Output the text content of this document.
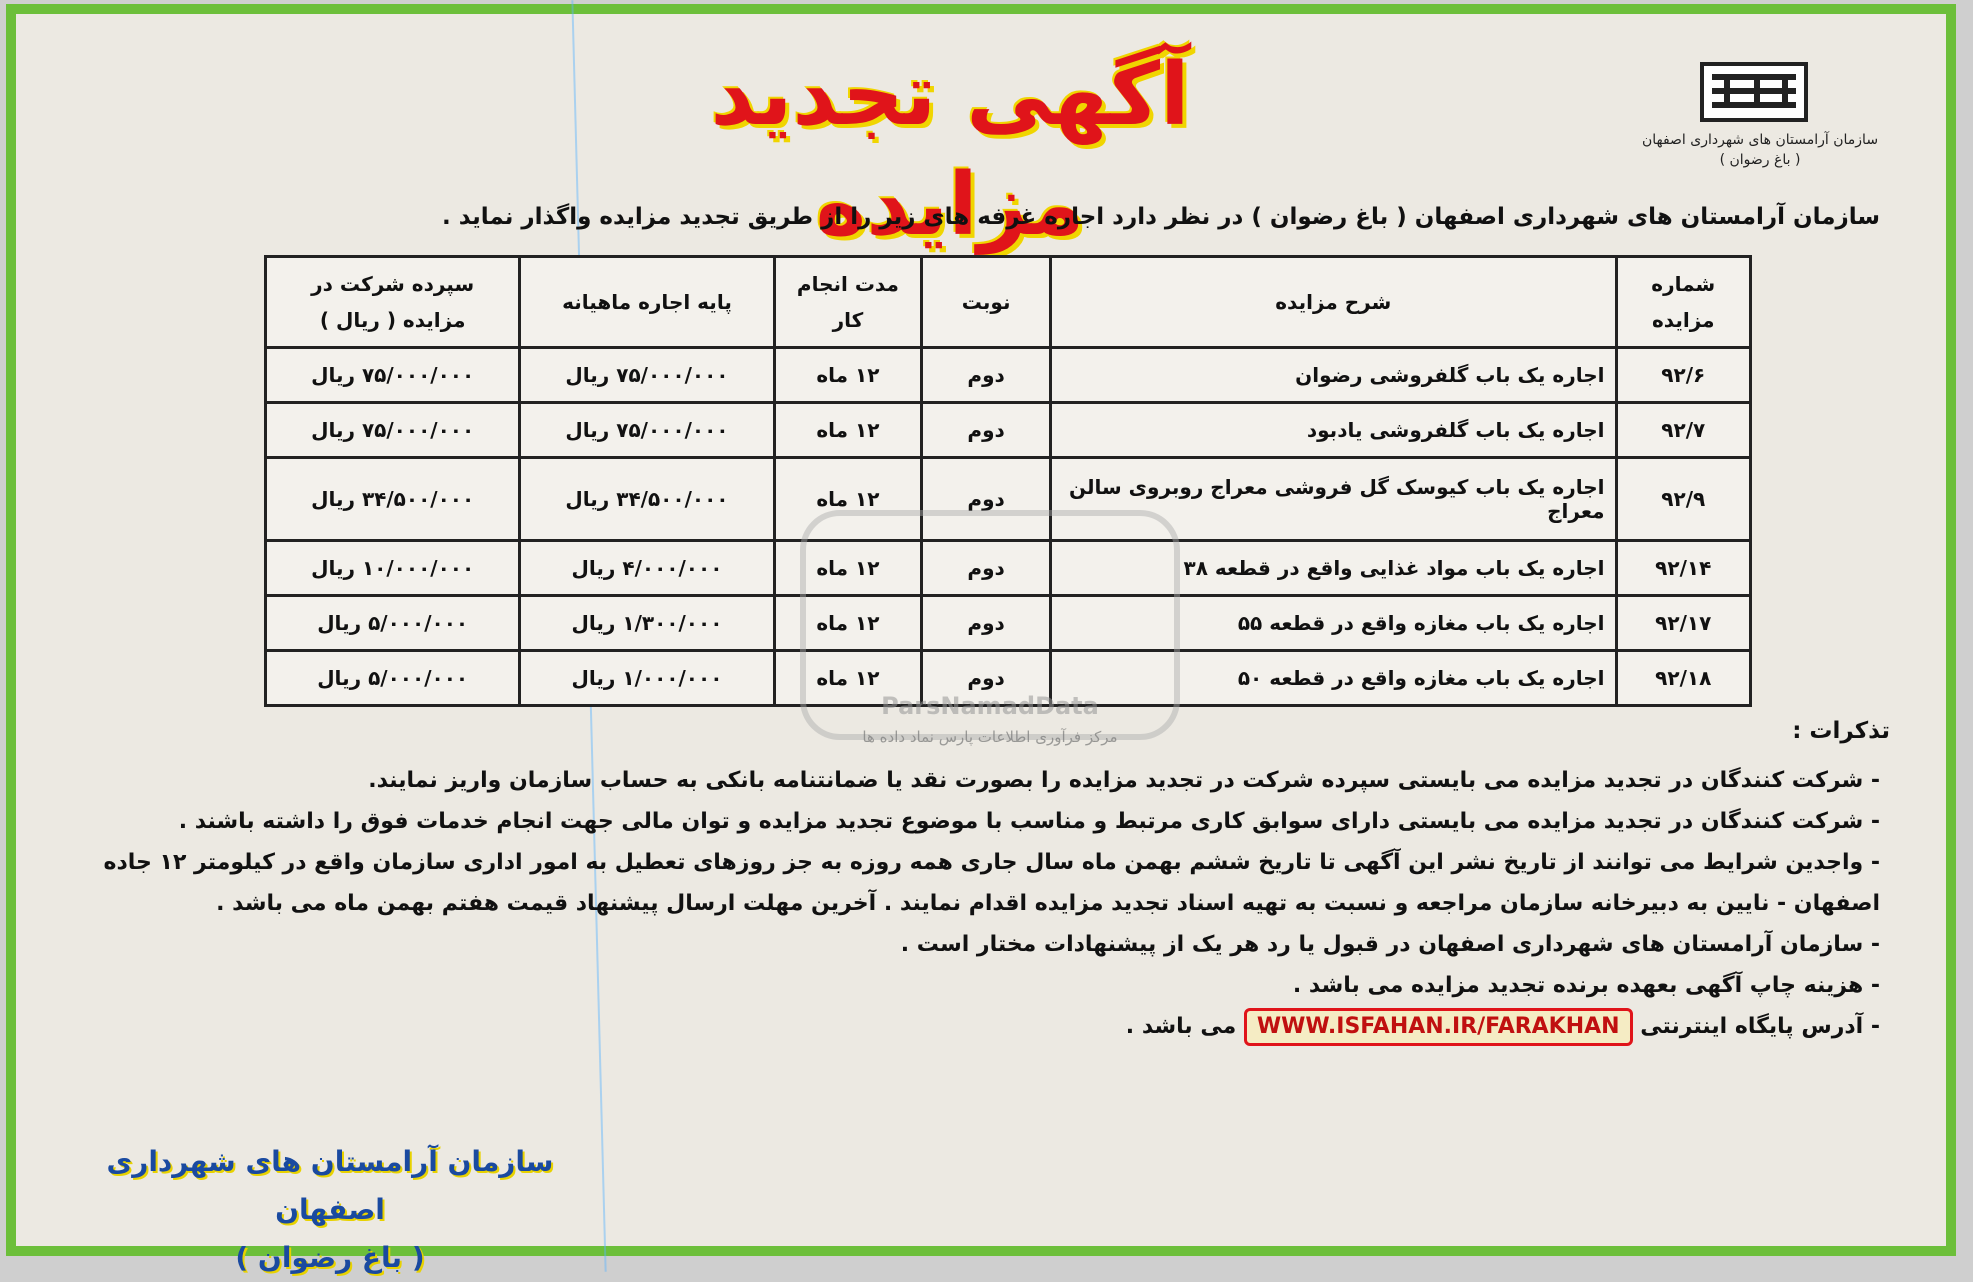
آگهی تجدید مزایده
سازمان آرامستان های شهرداری اصفهان
( باغ رضوان )
سازمان آرامستان های شهرداری اصفهان ( باغ رضوان ) در نظر دارد اجاره غرفه های زیر را از طریق تجدید مزایده واگذار نماید .
شماره مزایده	شرح مزایده	نوبت	مدت انجام کار	پایه اجاره ماهیانه	سپرده شرکت در مزایده ( ریال )
۹۲/۶	اجاره یک باب گلفروشی رضوان	دوم	۱۲ ماه	۷۵/۰۰۰/۰۰۰ ریال	۷۵/۰۰۰/۰۰۰ ریال
۹۲/۷	اجاره یک باب گلفروشی یادبود	دوم	۱۲ ماه	۷۵/۰۰۰/۰۰۰ ریال	۷۵/۰۰۰/۰۰۰ ریال
۹۲/۹	اجاره یک باب کیوسک گل فروشی معراج روبروی سالن معراج	دوم	۱۲ ماه	۳۴/۵۰۰/۰۰۰ ریال	۳۴/۵۰۰/۰۰۰ ریال
۹۲/۱۴	اجاره یک باب مواد غذایی واقع در قطعه ۳۸	دوم	۱۲ ماه	۴/۰۰۰/۰۰۰ ریال	۱۰/۰۰۰/۰۰۰ ریال
۹۲/۱۷	اجاره یک باب مغازه واقع در قطعه ۵۵	دوم	۱۲ ماه	۱/۳۰۰/۰۰۰ ریال	۵/۰۰۰/۰۰۰ ریال
۹۲/۱۸	اجاره یک باب مغازه واقع در قطعه ۵۰	دوم	۱۲ ماه	۱/۰۰۰/۰۰۰ ریال	۵/۰۰۰/۰۰۰ ریال
ParsNamadData
مرکز فرآوری اطلاعات پارس نماد داده ها	تذکرات :

- شرکت کنندگان در تجدید مزایده می بایستی سپرده شرکت در تجدید مزایده را بصورت نقد یا ضمانتنامه بانکی به حساب سازمان واریز نمایند.

- شرکت کنندگان در تجدید مزایده می بایستی دارای سوابق کاری مرتبط و مناسب با موضوع تجدید مزایده و توان مالی جهت انجام خدمات فوق را داشته باشند .

- واجدین شرایط می توانند از تاریخ نشر این آگهی تا تاریخ ششم بهمن ماه سال جاری همه روزه به جز روزهای تعطیل به امور اداری سازمان واقع در کیلومتر ۱۲ جاده اصفهان - نایین به دبیرخانه سازمان مراجعه و نسبت به تهیه اسناد تجدید مزایده اقدام نمایند . آخرین مهلت ارسال پیشنهاد قیمت هفتم بهمن ماه می باشد .

- سازمان آرامستان های شهرداری اصفهان در قبول یا رد هر یک از پیشنهادات مختار است .

- هزینه چاپ آگهی بعهده برنده تجدید مزایده می باشد .

- آدرس پایگاه اینترنتی WWW.ISFAHAN.IR/FARAKHAN می باشد .

سازمان آرامستان های شهرداری اصفهان
( باغ رضوان )
